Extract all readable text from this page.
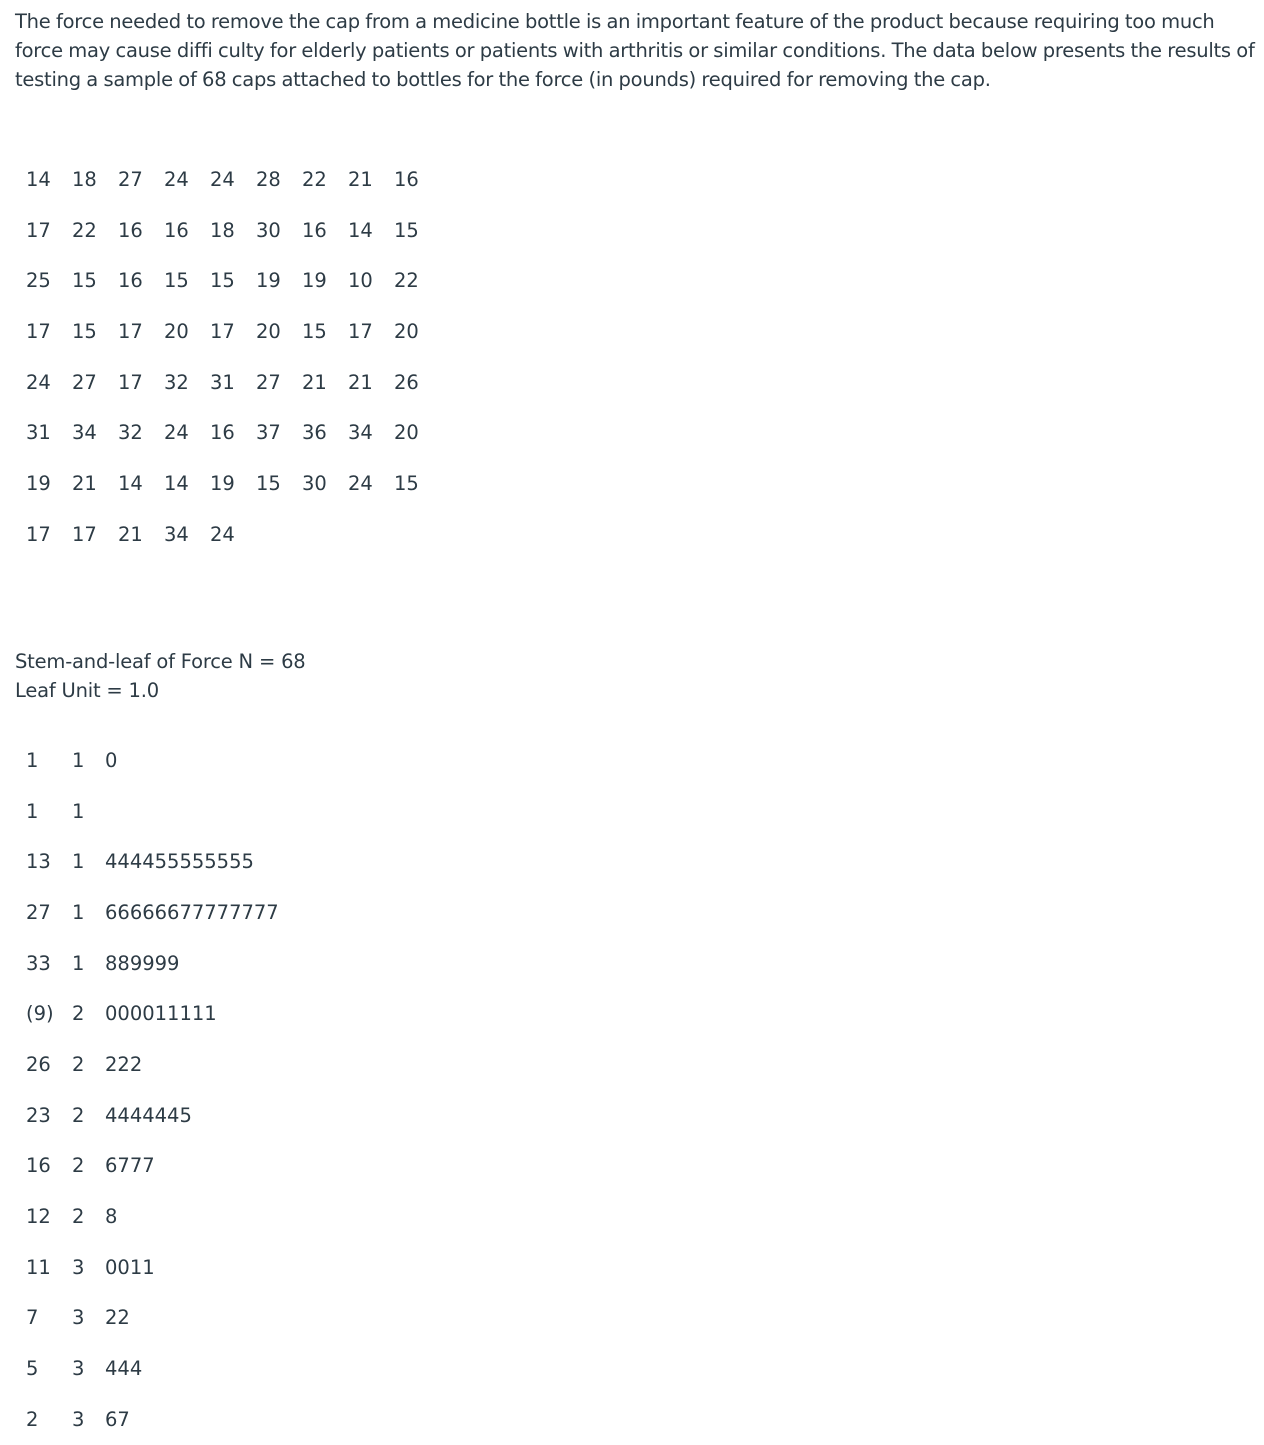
The force needed to remove the cap from a medicine bottle is an important feature of the product because requiring too much force may cause diffi culty for elderly patients or patients with arthritis or similar conditions. The data below presents the results of testing a sample of 68 caps attached to bottles for the force (in pounds) required for removing the cap.

14	18	27	24	24	28	22	21	16
17	22	16	16	18	30	16	14	15
25	15	16	15	15	19	19	10	22
17	15	17	20	17	20	15	17	20
24	27	17	32	31	27	21	21	26
31	34	32	24	16	37	36	34	20
19	21	14	14	19	15	30	24	15
17	17	21	34	24				
Stem-and-leaf of Force N = 68
Leaf Unit = 1.0
1	1	0
1	1	
13	1	444455555555
27	1	66666677777777
33	1	889999
(9)	2	000011111
26	2	222
23	2	4444445
16	2	6777
12	2	8
11	3	0011
7	3	22
5	3	444
2	3	67
